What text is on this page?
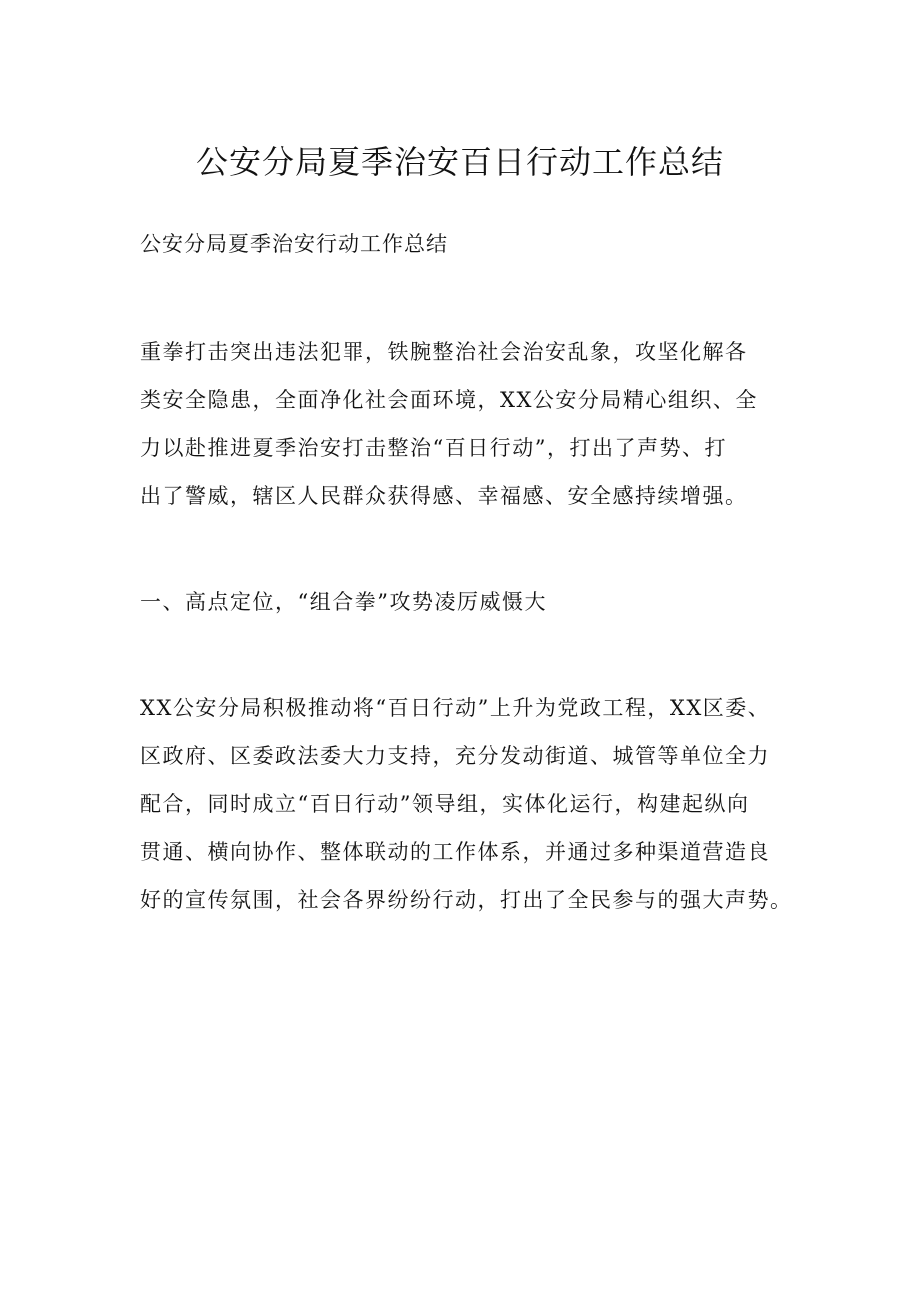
公安分局夏季治安百日行动工作总结

公安分局夏季治安行动工作总结

重拳打击突出违法犯罪，铁腕整治社会治安乱象，攻坚化解各
类安全隐患，全面净化社会面环境，XX公安分局精心组织、全
力以赴推进夏季治安打击整治“百日行动”，打出了声势、打
出了警威，辖区人民群众获得感、幸福感、安全感持续增强。
一、高点定位，“组合拳”攻势凌厉威慑大
XX公安分局积极推动将“百日行动”上升为党政工程，XX区委、
区政府、区委政法委大力支持，充分发动街道、城管等单位全力
配合，同时成立“百日行动”领导组，实体化运行，构建起纵向
贯通、横向协作、整体联动的工作体系，并通过多种渠道营造良
好的宣传氛围，社会各界纷纷行动，打出了全民参与的强大声势。
